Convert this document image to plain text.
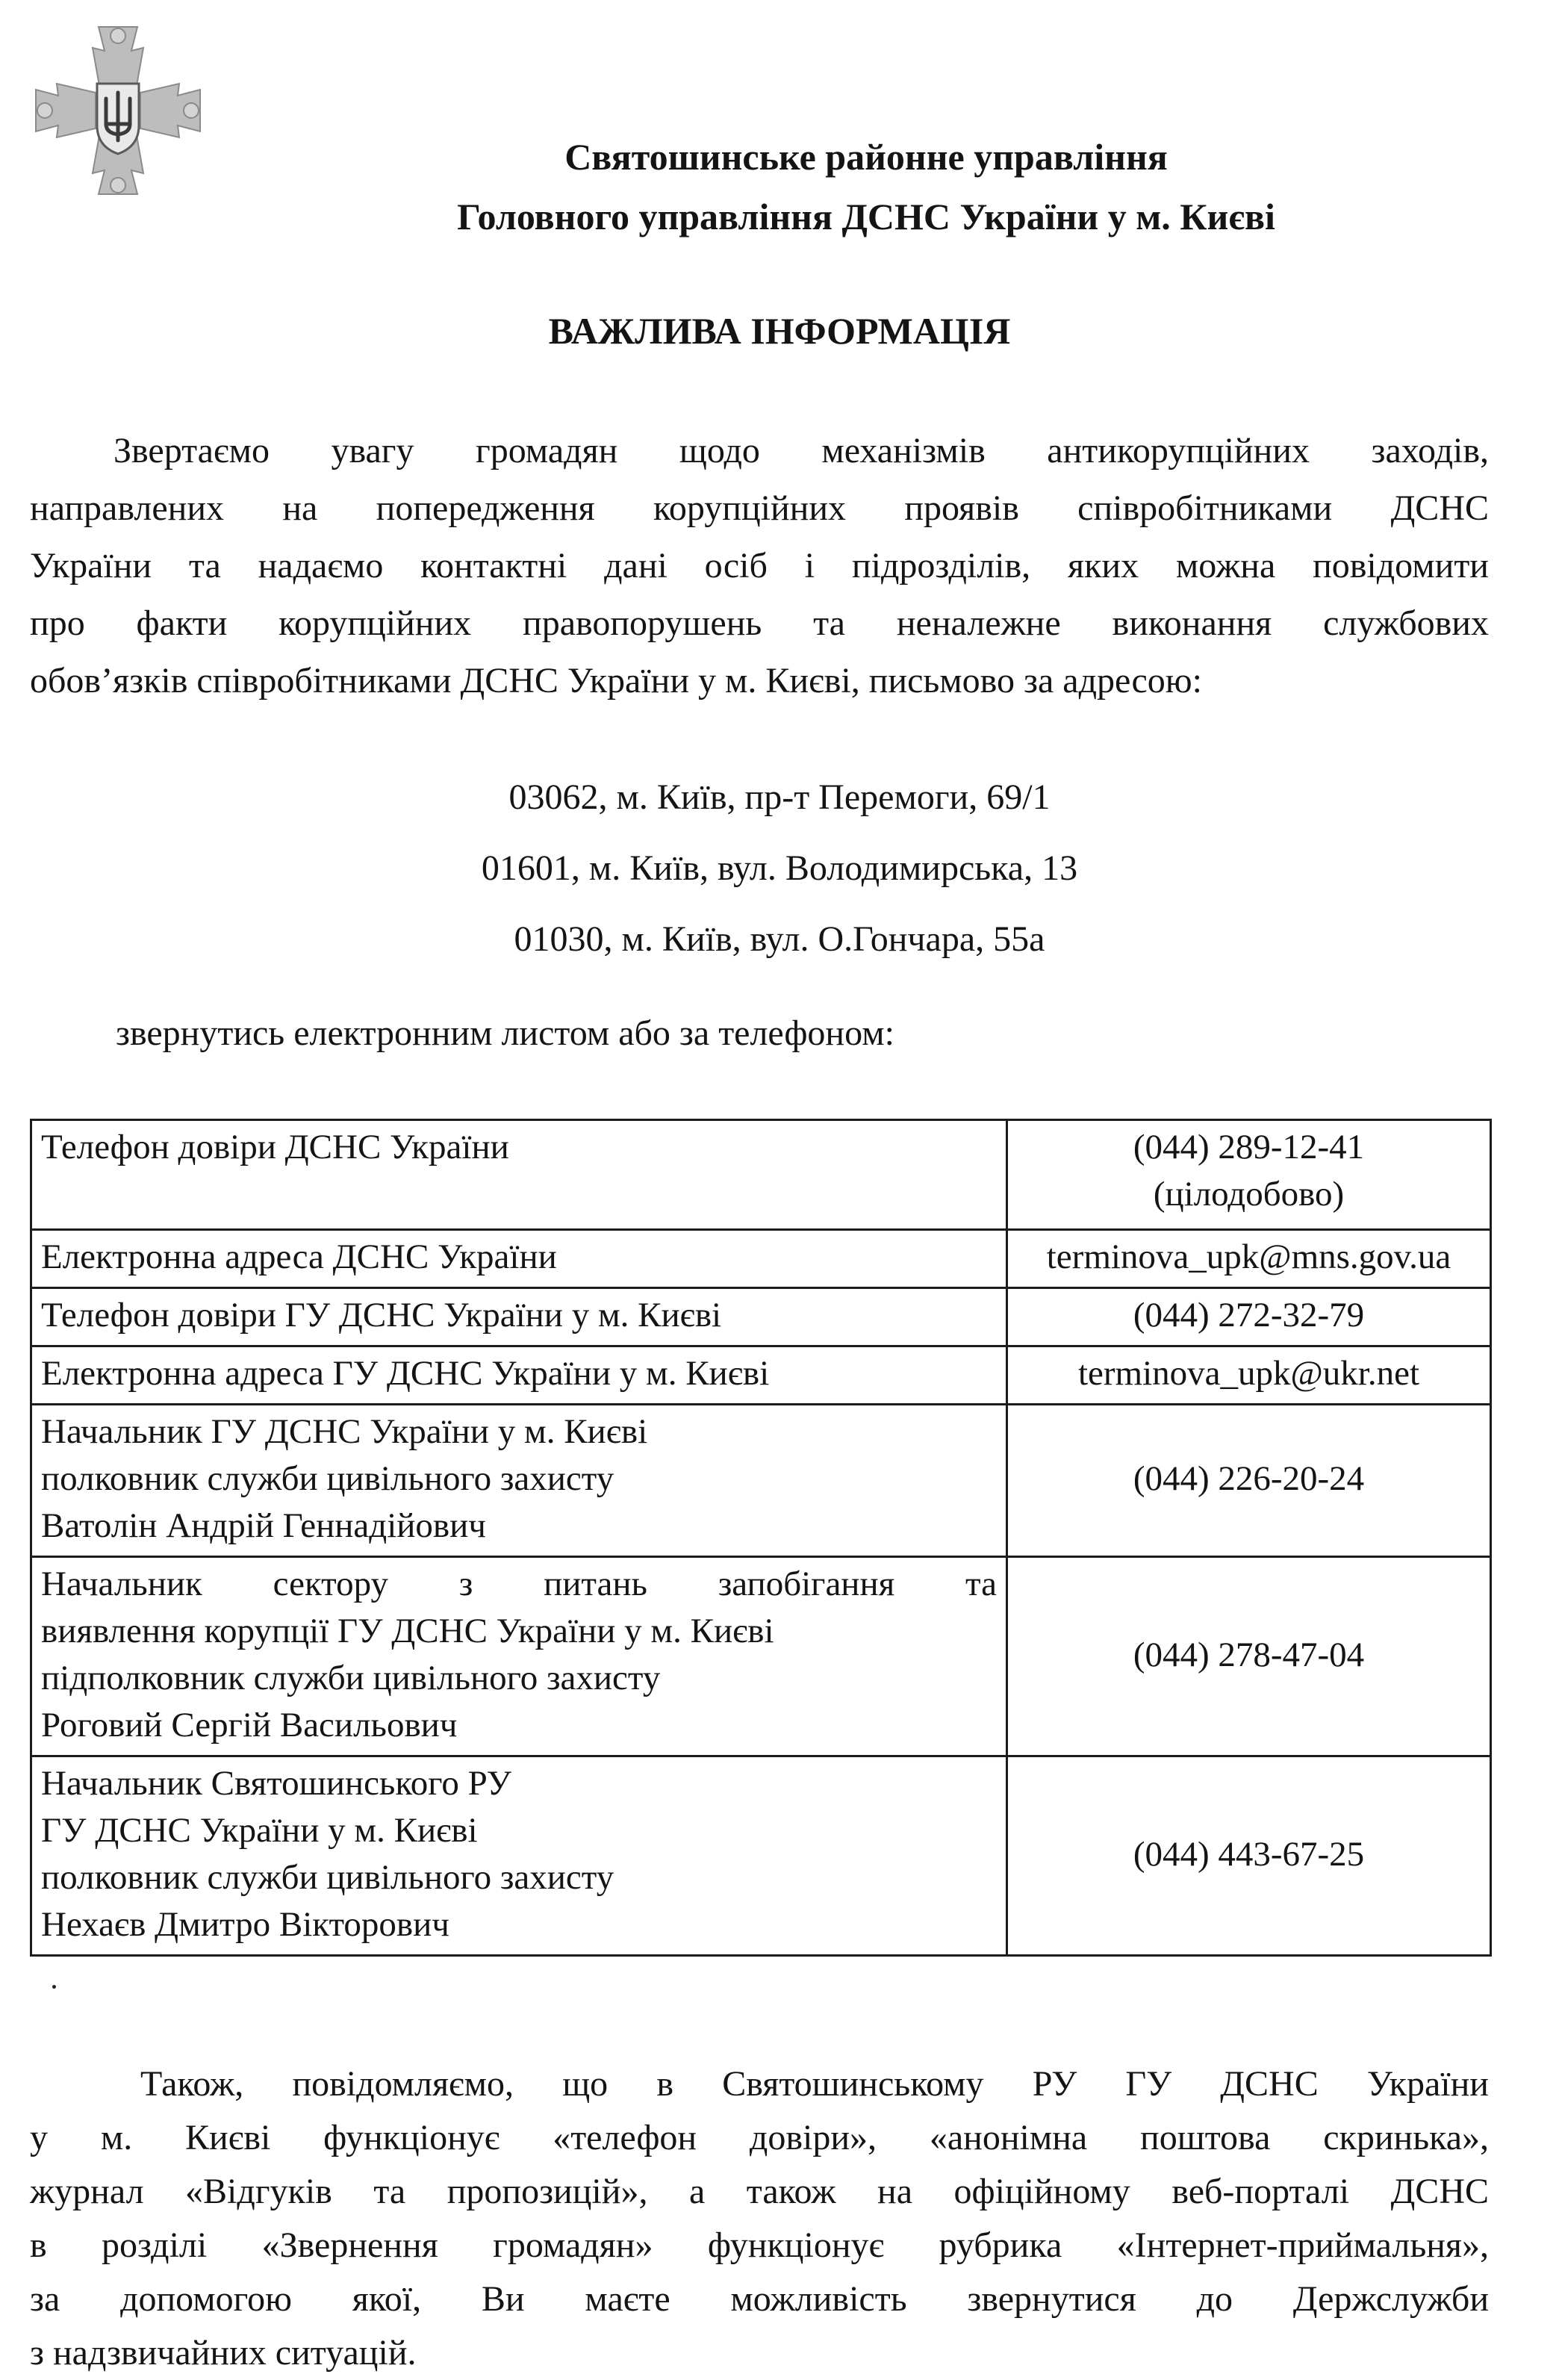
Святошинське районне управління
Головного управління ДСНС України у м. Києві
ВАЖЛИВА ІНФОРМАЦІЯ
Звертаємо увагу громадян щодо механізмів антикорупційних заходів,
направлених на попередження корупційних проявів співробітниками ДСНС
України та надаємо контактні дані осіб і підрозділів, яких можна повідомити
про факти корупційних правопорушень та неналежне виконання службових
обов’язків співробітниками ДСНС України у м. Києві, письмово за адресою:
03062, м. Київ, пр-т Перемоги, 69/1
01601, м. Київ, вул. Володимирська, 13
01030, м. Київ, вул. О.Гончара, 55а
звернутись електронним листом або за телефоном:
Телефон довіри ДСНС України	(044) 289-12-41
(цілодобово)

Електронна адреса ДСНС України	terminova_upk@mns.gov.ua

Телефон довіри ГУ ДСНС України у м. Києві	(044) 272-32-79

Електронна адреса ГУ ДСНС України у м. Києві	terminova_upk@ukr.net

Начальник ГУ ДСНС України у м. Києві
полковник служби цивільного захисту
Ватолін Андрій Геннадійович	(044) 226-20-24

Начальник сектору з питань запобігання та
виявлення корупції ГУ ДСНС України у м. Києві
підполковник служби цивільного захисту
Роговий Сергій Васильович	(044) 278-47-04

Начальник Святошинського РУ
ГУ ДСНС України у м. Києві
полковник служби цивільного захисту
Нехаєв Дмитро Вікторович	(044) 443-67-25
Також, повідомляємо, що в Святошинському РУ ГУ ДСНС України
у м. Києві функціонує «телефон довіри», «анонімна поштова скринька»,
журнал «Відгуків та пропозицій», а також на офіційному веб-порталі ДСНС
в розділі «Звернення громадян» функціонує рубрика «Інтернет-приймальня»,
за допомогою якої, Ви маєте можливість звернутися до Держслужби
з надзвичайних ситуацій.
